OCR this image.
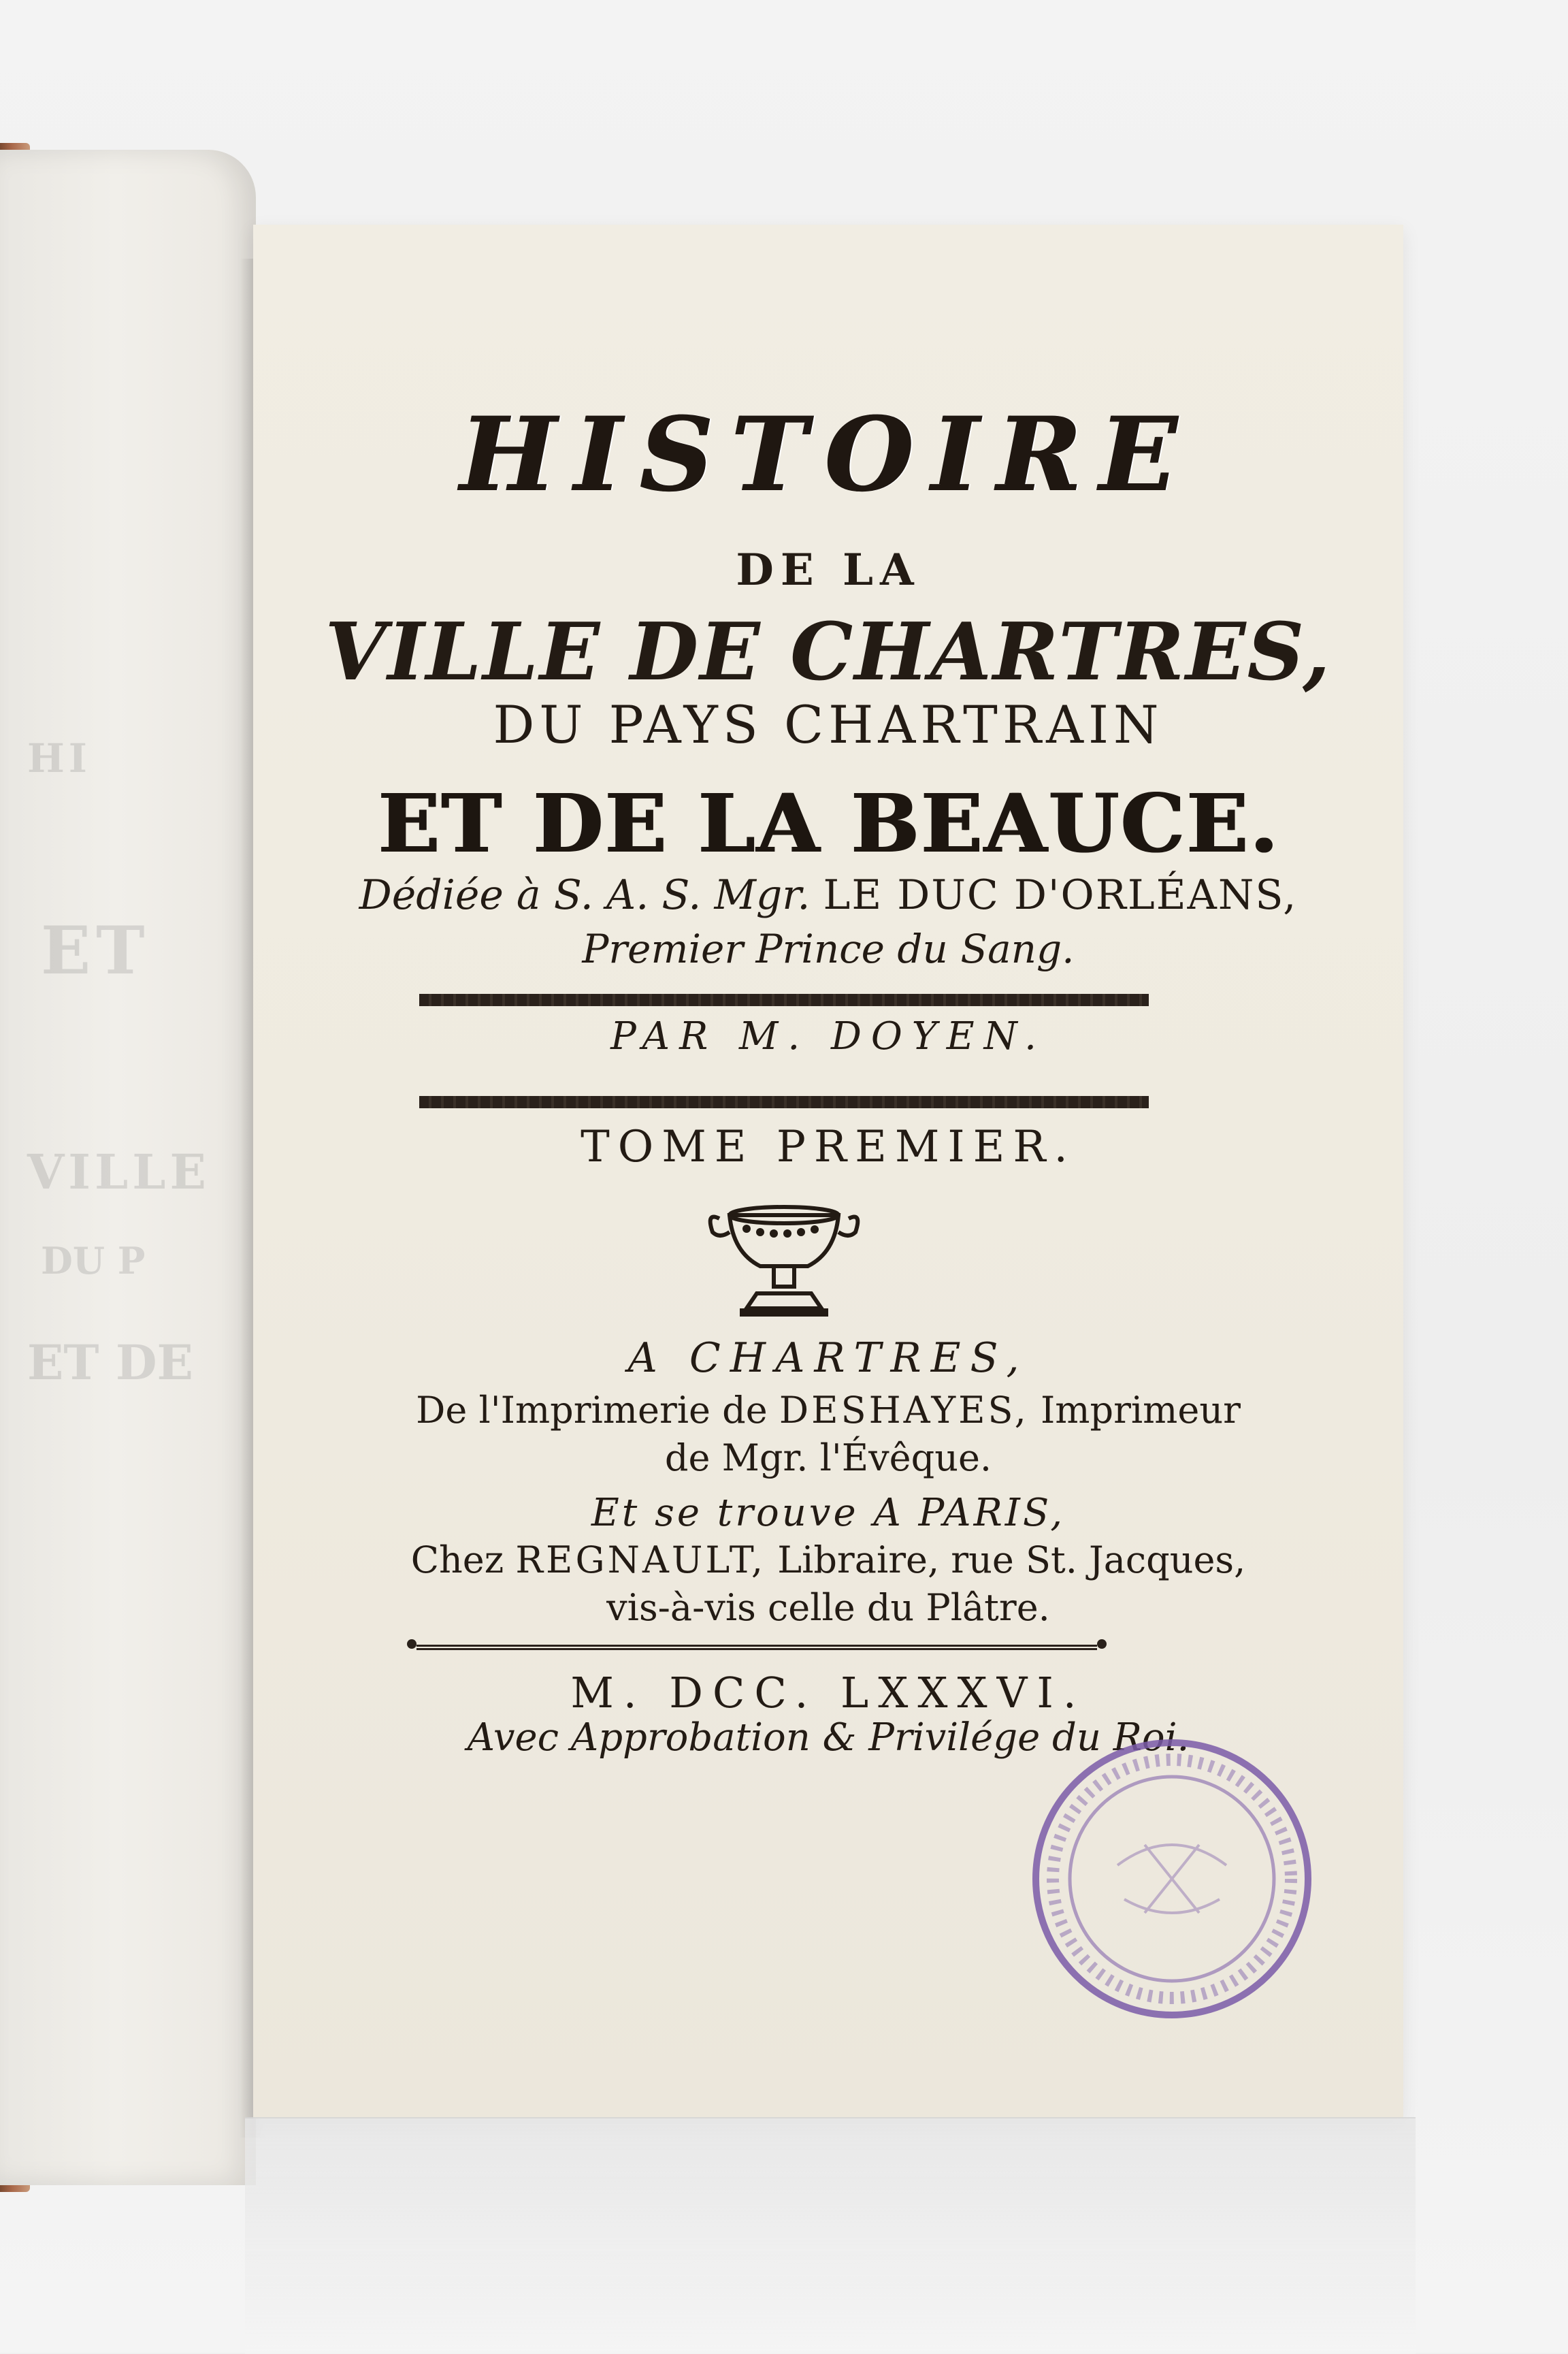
HI
ET
VILLE
DU P
ET DE
HISTOIRE
DE LA
VILLE DE CHARTRES,
DU PAYS CHARTRAIN
ET DE LA BEAUCE.
Dédiée à S. A. S. Mgr. LE DUC D'ORLÉANS,
Premier Prince du Sang.
PAR M. DOYEN.
TOME PREMIER.
A CHARTRES,
De l'Imprimerie de DESHAYES, Imprimeur
de Mgr. l'Évêque.
Et se trouve A PARIS,
Chez REGNAULT, Libraire, rue St. Jacques,
vis-à-vis celle du Plâtre.
M. DCC. LXXXVI.
Avec Approbation & Privilége du Roi.
